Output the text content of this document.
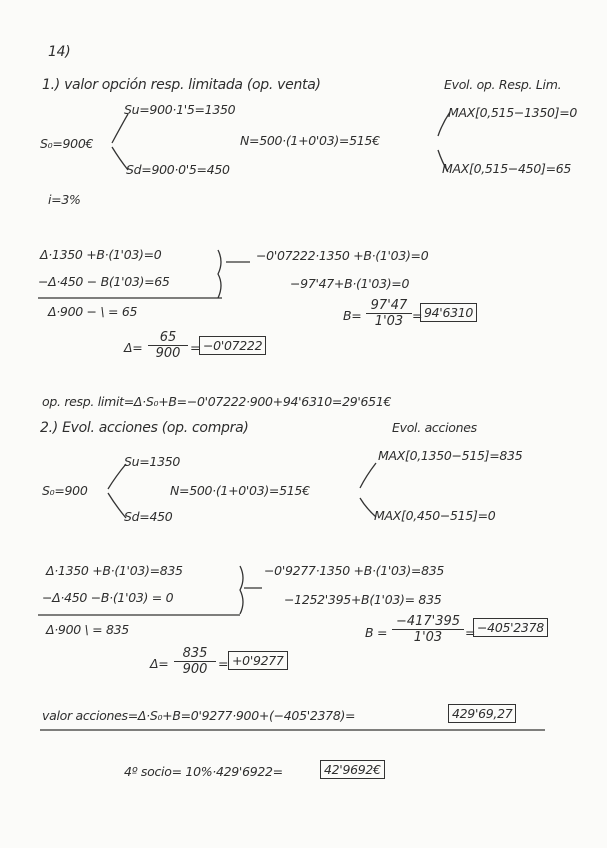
14)
1.) valor opción resp. limitada (op. venta)	Evol. op. Resp. Lim.
Su=900·1'5=1350
S₀=900€	N=500·(1+0'03)=515€
Sd=900·0'5=450
MAX[0,515−1350]=0
MAX[0,515−450]=65
i=3%
Δ·1350 +B·(1'03)=0
−Δ·450 − B(1'03)=65
Δ·900 − \ = 65
−0'07222·1350 +B·(1'03)=0
−97'47+B·(1'03)=0
$B= \frac{97'47}{1'03} = 94'6310$
$\Delta= \frac{65}{900} = -0'07222$
op. resp. limit=Δ·S₀+B=−0'07222·900+94'6310=29'651€
2.) Evol. acciones (op. compra)	Evol. acciones
Su=1350
S₀=900	N=500·(1+0'03)=515€
Sd=450
MAX[0,1350−515]=835
MAX[0,450−515]=0
Δ·1350 +B·(1'03)=835
−Δ·450 −B·(1'03) = 0
Δ·900 \ = 835
−0'9277·1350 +B·(1'03)=835
−1252'395+B(1'03)= 835
$B = \frac{-417'395}{1'03} = -405'2378$
$\Delta= \frac{835}{900} = +0'9277$
valor acciones=Δ·S₀+B=0'9277·900+(−405'2378)=	429'69,27
4º socio= 10%·429'6922=	42'9692€
